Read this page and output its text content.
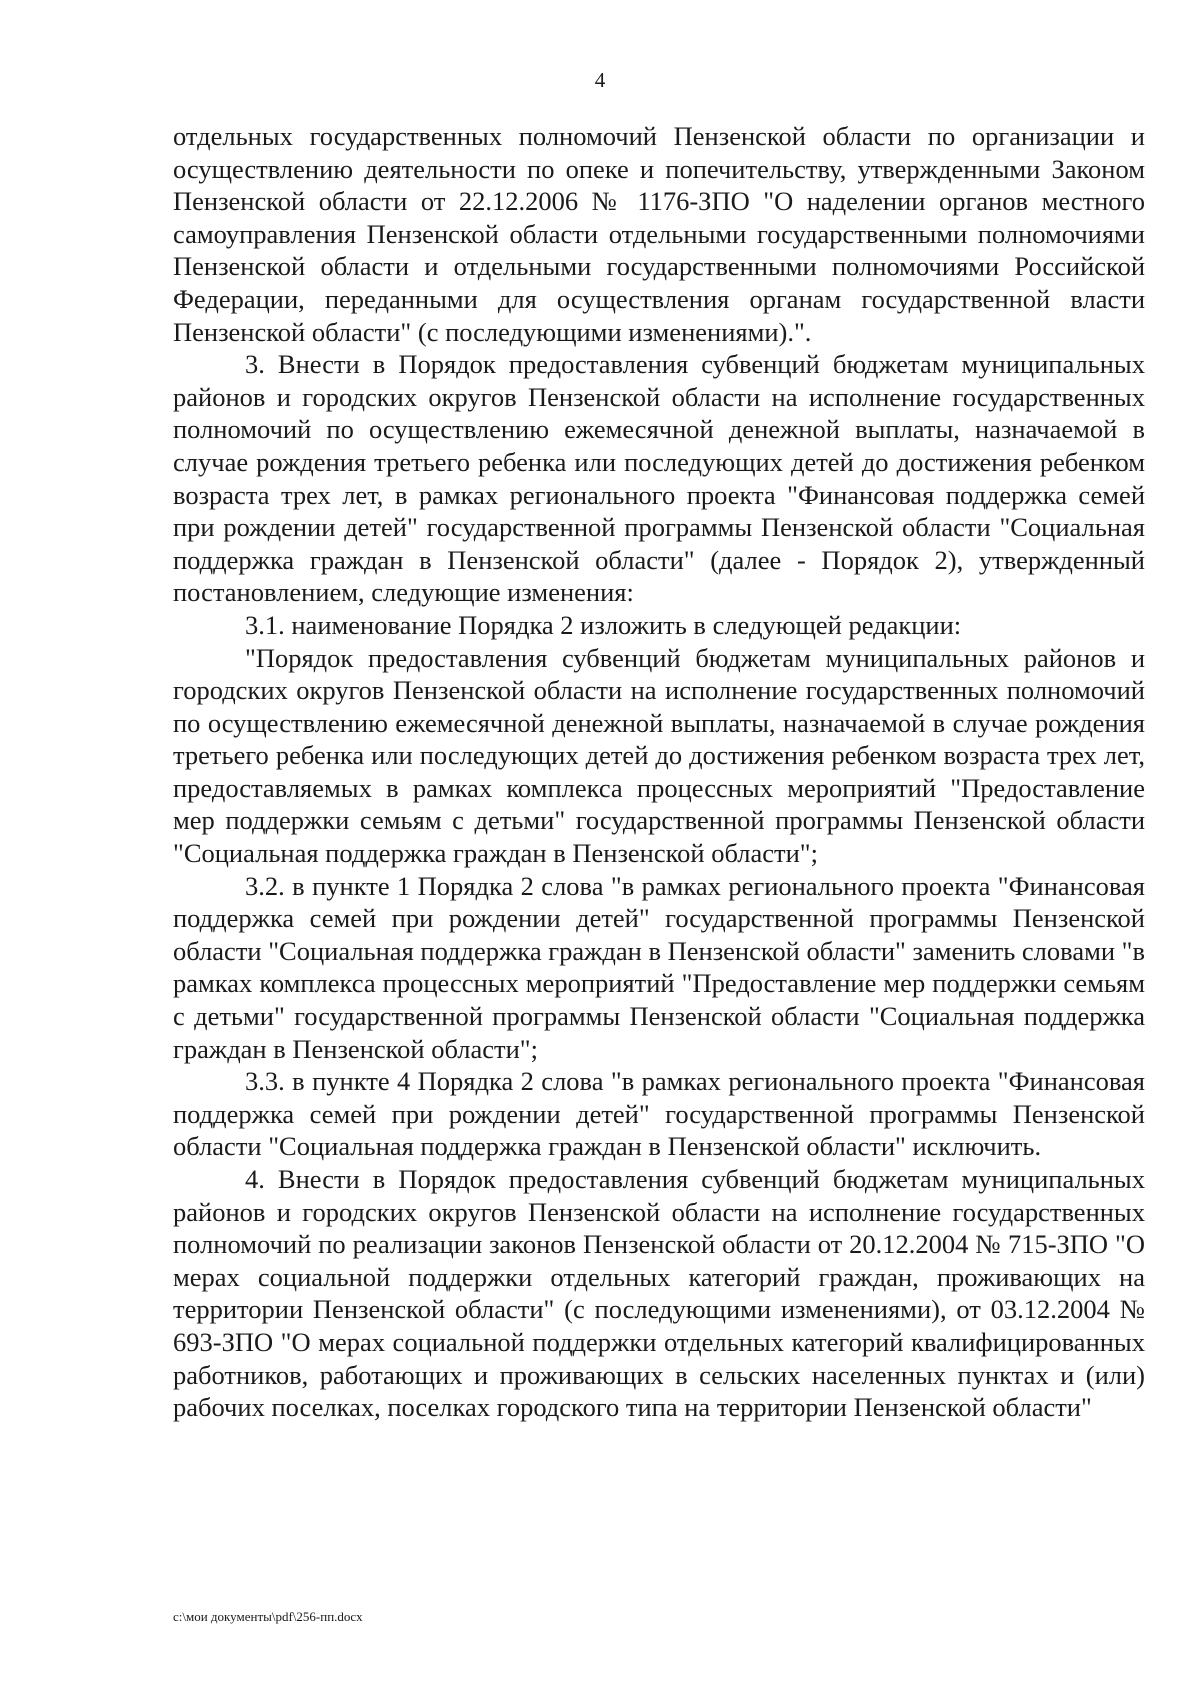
4

отдельных государственных полномочий Пензенской области по организации и осуществлению деятельности по опеке и попечительству, утвержденными Законом Пензенской области от 22.12.2006 № 1176-ЗПО "О наделении органов местного самоуправления Пензенской области отдельными государственными полномочиями Пензенской области и отдельными государственными полномочиями Российской Федерации, переданными для осуществления органам государственной власти Пензенской области" (с последующими изменениями).".

3. Внести в Порядок предоставления субвенций бюджетам муниципальных районов и городских округов Пензенской области на исполнение государственных полномочий по осуществлению ежемесячной денежной выплаты, назначаемой в случае рождения третьего ребенка или последующих детей до достижения ребенком возраста трех лет, в рамках регионального проекта "Финансовая поддержка семей при рождении детей" государственной программы Пензенской области "Социальная поддержка граждан в Пензенской области" (далее - Порядок 2), утвержденный постановлением, следующие изменения:

3.1. наименование Порядка 2 изложить в следующей редакции:

"Порядок предоставления субвенций бюджетам муниципальных районов и городских округов Пензенской области на исполнение государственных полномочий по осуществлению ежемесячной денежной выплаты, назначаемой в случае рождения третьего ребенка или последующих детей до достижения ребенком возраста трех лет, предоставляемых в рамках комплекса процессных мероприятий "Предоставление мер поддержки семьям с детьми" государственной программы Пензенской области "Социальная поддержка граждан в Пензенской области";

3.2. в пункте 1 Порядка 2 слова "в рамках регионального проекта "Финансовая поддержка семей при рождении детей" государственной программы Пензенской области "Социальная поддержка граждан в Пензенской области" заменить словами "в рамках комплекса процессных мероприятий "Предоставление мер поддержки семьям с детьми" государственной программы Пензенской области "Социальная поддержка граждан в Пензенской области";

3.3. в пункте 4 Порядка 2 слова "в рамках регионального проекта "Финансовая поддержка семей при рождении детей" государственной программы Пензенской области "Социальная поддержка граждан в Пензенской области" исключить.

4. Внести в Порядок предоставления субвенций бюджетам муниципальных районов и городских округов Пензенской области на исполнение государственных полномочий по реализации законов Пензенской области от 20.12.2004 № 715-ЗПО "О мерах социальной поддержки отдельных категорий граждан, проживающих на территории Пензенской области" (с последующими изменениями), от 03.12.2004 № 693-ЗПО "О мерах социальной поддержки отдельных категорий квалифицированных работников, работающих и проживающих в сельских населенных пунктах и (или) рабочих поселках, поселках городского типа на территории Пензенской области"

c:\мои документы\pdf\256-пп.docx
